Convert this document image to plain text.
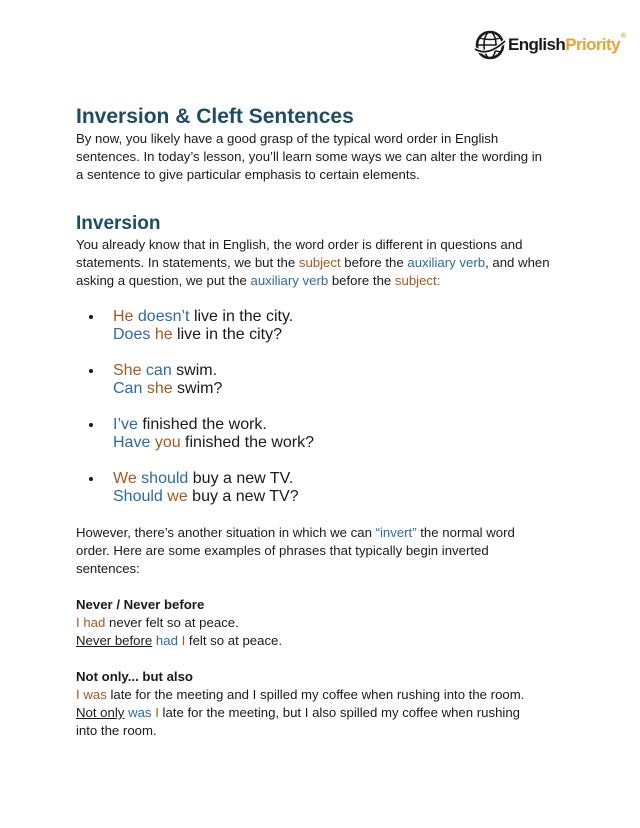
EnglishPriority®
Inversion & Cleft Sentences

By now, you likely have a good grasp of the typical word order in English
sentences. In today’s lesson, you’ll learn some ways we can alter the wording in
a sentence to give particular emphasis to certain elements.

Inversion

You already know that in English, the word order is different in questions and
statements. In statements, we but the subject before the auxiliary verb, and when
asking a question, we put the auxiliary verb before the subject:

He doesn’t live in the city.
Does he live in the city?
She can swim.
Can she swim?
I’ve finished the work.
Have you finished the work?
We should buy a new TV.
Should we buy a new TV?

However, there’s another situation in which we can “invert” the normal word
order. Here are some examples of phrases that typically begin inverted
sentences:

Never / Never before
I had never felt so at peace.
Never before had I felt so at peace.

Not only... but also
I was late for the meeting and I spilled my coffee when rushing into the room.
Not only was I late for the meeting, but I also spilled my coffee when rushing
into the room.
